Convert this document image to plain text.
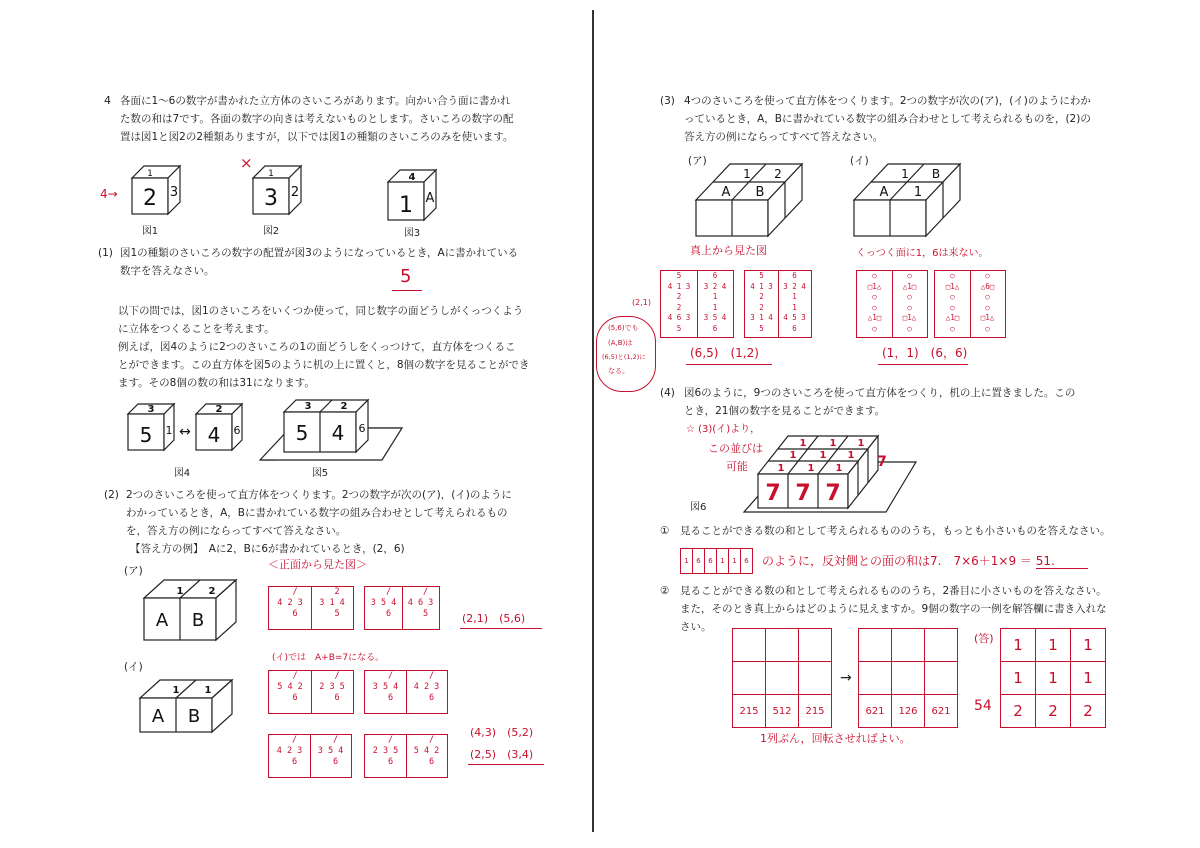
4 各面に1～6の数字が書かれた立方体のさいころがあります。向かい合う面に書かれ
た数の和は7です。各面の数字の向きは考えないものとします。さいころの数字の配
置は図1と図2の2種類ありますが，以下では図1の種類のさいころのみを使います。
1
2 3
1
3 2
4
1 A
4→
×
図1	図2	図3
(1) 図1の種類のさいころの数字の配置が図3のようになっているとき，Aに書かれている
数字を答えなさい。	5
以下の問では，図1のさいころをいくつか使って，同じ数字の面どうしがくっつくよう
に立体をつくることを考えます。
例えば，図4のように2つのさいころの1の面どうしをくっつけて，直方体をつくるこ
とができます。この直方体を図5のように机の上に置くと，8個の数字を見ることができ
ます。その8個の数の和は31になります。
3
5 1 ↔
2
4 6
3	2
5 4 6
図4	図5
(2) 2つのさいころを使って直方体をつくります。2つの数字が次の(ア)，(イ)のように
わかっているとき，A，Bに書かれている数字の組み合わせとして考えられるもの
を，答え方の例にならってすべて答えなさい。
【答え方の例】　Aに2，Bに6が書かれているとき，(2，6)
(ア)
(イ)
1	2
A B
1	1
A B
＜正面から見た図＞
/
4 2 3
6
2
3 1 4
5
/
3 5 4
6
/
4 6 3
5	(2,1)　(5,6)
(イ)では　A+B=7になる。
/
5 4 2
6
/
2 3 5
6
/
3 5 4
6
/
4 2 3
6
/
4 2 3
6
/
3 5 4
6
/
2 3 5
6
/
5 4 2
6
(4,3)　(5,2)
(2,5)　(3,4)
(3) 4つのさいころを使って直方体をつくります。2つの数字が次の(ア)，(イ)のようにわか
っているとき，A，Bに書かれている数字の組み合わせとして考えられるものを，(2)の
答え方の例にならってすべて答えなさい。
(ア)	(イ)
1 2
A B
1 B
A 1
真上から見た図	くっつく面に1，6は来ない。
5
4 1 3
2
2
4 6 3
5
6
3 2 4
1
1
3 5 4
6
5
4 1 3
2
2
3 1 4
5
6
3 2 4
1
1
4 5 3
6
(2,1)
(5,6)でも
(A,B)は
(6,5)と(1,2)に
なる。
(6,5)　(1,2)
○
□1△
○
○
△1□
○
○
△1□
○
○
□1△
○
○
□1△
○
○
△1□
○
○
△6□
○
○
□1△
○
(1，1)　(6，6)
(4) 図6のように，9つのさいころを使って直方体をつくり，机の上に置きました。この
とき，21個の数字を見ることができます。
☆ (3)(イ)より，
この並びは
可能
1 1 1
1 1 1
1 1 1
7 7 7
7
図6
① 見ることができる数の和として考えられるもののうち，もっとも小さいものを答えなさい。
1	6	6	1	1	6 のように，反対側との面の和は7.　7×6＋1×9 ＝ 51.
② 見ることができる数の和として考えられるもののうち，2番目に小さいものを答えなさい。
また，そのとき真上からはどのように見えますか。9個の数字の一例を解答欄に書き入れな
さい。

215	512	215
→

621	126	621
(答)
54
1	1	1
1	1	1
2	2	2
1列ぶん，回転させればよい。
